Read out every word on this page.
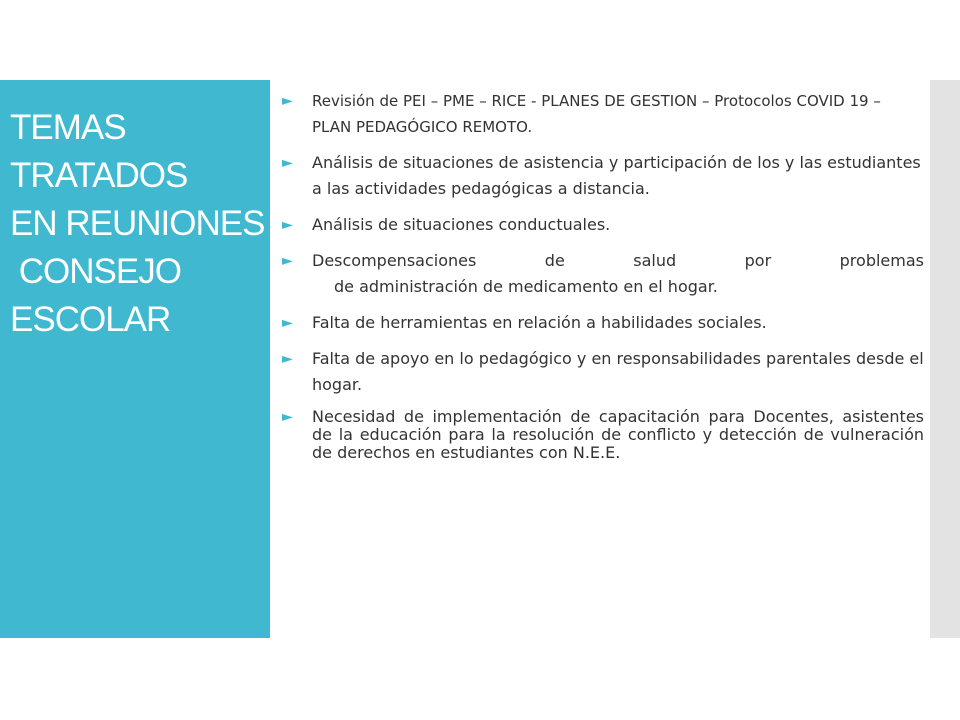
TEMAS
TRATADOS
EN REUNIONES
CONSEJO
ESCOLAR
► Revisión de PEI – PME – RICE - PLANES DE GESTION – Protocolos COVID 19 – PLAN PEDAGÓGICO REMOTO.
► Análisis de situaciones de asistencia y participación de los y las estudiantes a las actividades pedagógicas a distancia.
► Análisis de situaciones conductuales.
► Descompensaciones de salud por problemas
de administración de medicamento en el hogar.
► Falta de herramientas en relación a habilidades sociales.
► Falta de apoyo en lo pedagógico y en responsabilidades parentales desde el hogar.
► Necesidad de implementación de capacitación para Docentes, asistentes de la educación para la resolución de conflicto y detección de vulneración de derechos en estudiantes con N.E.E.
